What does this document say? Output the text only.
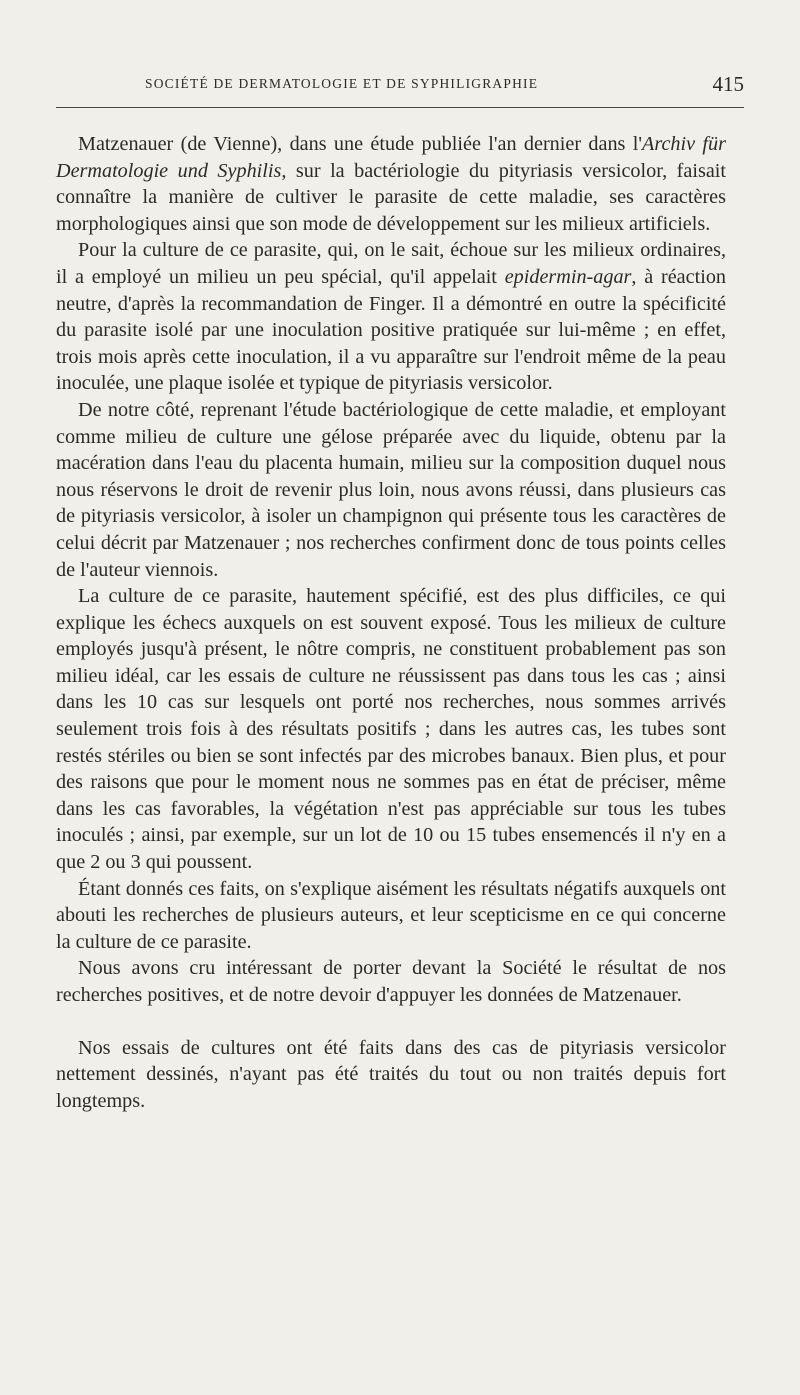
SOCIÉTÉ DE DERMATOLOGIE ET DE SYPHILIGRAPHIE	415

Matzenauer (de Vienne), dans une étude publiée l'an dernier dans l'Archiv für Dermatologie und Syphilis, sur la bactériologie du pityriasis versicolor, faisait connaître la manière de cultiver le parasite de cette maladie, ses caractères morphologiques ainsi que son mode de développement sur les milieux artificiels.

Pour la culture de ce parasite, qui, on le sait, échoue sur les milieux ordinaires, il a employé un milieu un peu spécial, qu'il appelait epidermin-agar, à réaction neutre, d'après la recommandation de Finger. Il a démontré en outre la spécificité du parasite isolé par une inoculation positive pratiquée sur lui-même ; en effet, trois mois après cette inoculation, il a vu apparaître sur l'endroit même de la peau inoculée, une plaque isolée et typique de pityriasis versicolor.

De notre côté, reprenant l'étude bactériologique de cette maladie, et employant comme milieu de culture une gélose préparée avec du liquide, obtenu par la macération dans l'eau du placenta humain, milieu sur la composition duquel nous nous réservons le droit de revenir plus loin, nous avons réussi, dans plusieurs cas de pityriasis versicolor, à isoler un champignon qui présente tous les caractères de celui décrit par Matzenauer ; nos recherches confirment donc de tous points celles de l'auteur viennois.

La culture de ce parasite, hautement spécifié, est des plus difficiles, ce qui explique les échecs auxquels on est souvent exposé. Tous les milieux de culture employés jusqu'à présent, le nôtre compris, ne constituent probablement pas son milieu idéal, car les essais de culture ne réussissent pas dans tous les cas ; ainsi dans les 10 cas sur lesquels ont porté nos recherches, nous sommes arrivés seulement trois fois à des résultats positifs ; dans les autres cas, les tubes sont restés stériles ou bien se sont infectés par des microbes banaux. Bien plus, et pour des raisons que pour le moment nous ne sommes pas en état de préciser, même dans les cas favorables, la végétation n'est pas appréciable sur tous les tubes inoculés ; ainsi, par exemple, sur un lot de 10 ou 15 tubes ensemencés il n'y en a que 2 ou 3 qui poussent.

Étant donnés ces faits, on s'explique aisément les résultats négatifs auxquels ont abouti les recherches de plusieurs auteurs, et leur scepticisme en ce qui concerne la culture de ce parasite.

Nous avons cru intéressant de porter devant la Société le résultat de nos recherches positives, et de notre devoir d'appuyer les données de Matzenauer.

Nos essais de cultures ont été faits dans des cas de pityriasis versicolor nettement dessinés, n'ayant pas été traités du tout ou non traités depuis fort longtemps.
